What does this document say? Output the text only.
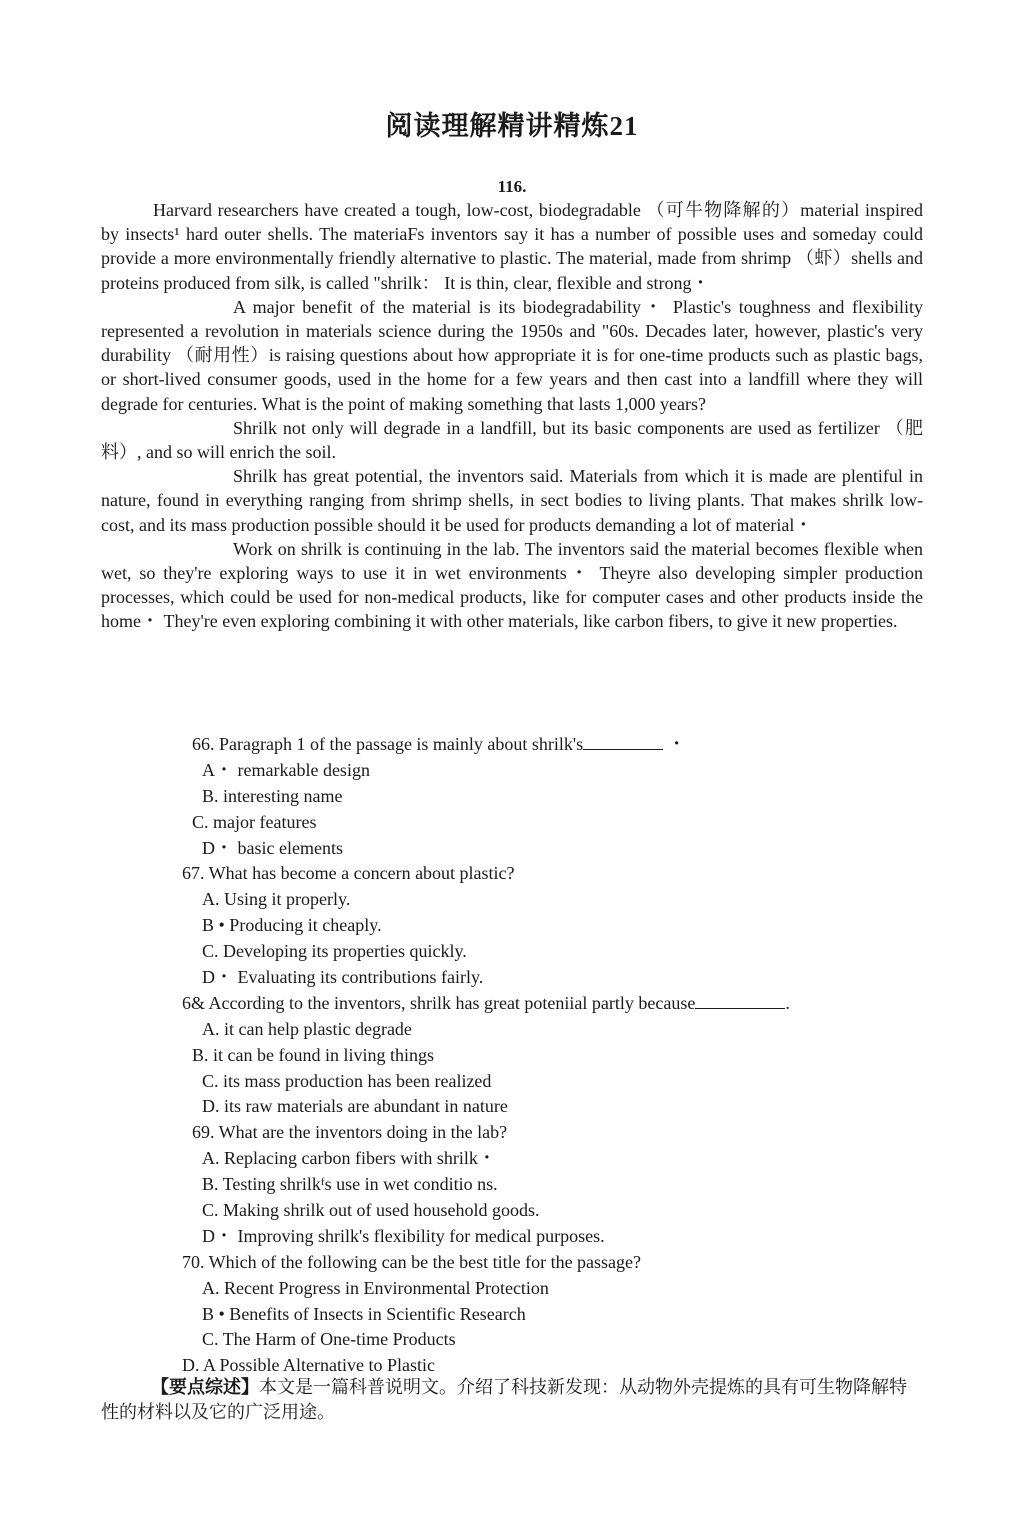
阅读理解精讲精炼21
116.

Harvard researchers have created a tough, low-cost, biodegradable （可牛物降解的）material inspired by insects¹ hard outer shells. The materiaFs inventors say it has a number of possible uses and someday could provide a more environmentally friendly alternative to plastic. The material, made from shrimp （虾）shells and proteins produced from silk, is called "shrilk： It is thin, clear, flexible and strong・

A major benefit of the material is its biodegradability・ Plastic's toughness and flexibility represented a revolution in materials science during the 1950s and "60s. Decades later, however, plastic's very durability （耐用性）is raising questions about how appropriate it is for one-time products such as plastic bags, or short-lived consumer goods, used in the home for a few years and then cast into a landfill where they will degrade for centuries. What is the point of making something that lasts 1,000 years?

Shrilk not only will degrade in a landfill, but its basic components are used as fertilizer （肥料）, and so will enrich the soil.

Shrilk has great potential, the inventors said. Materials from which it is made are plentiful in nature, found in everything ranging from shrimp shells, in sect bodies to living plants. That makes shrilk low-cost, and its mass production possible should it be used for products demanding a lot of material・

Work on shrilk is continuing in the lab. The inventors said the material becomes flexible when wet, so they're exploring ways to use it in wet environments・ Theyre also developing simpler production processes, which could be used for non-medical products, like for computer cases and other products inside the home・ They're even exploring combining it with other materials, like carbon fibers, to give it new properties.

66. Paragraph 1 of the passage is mainly about shrilk's	・
A・ remarkable design
B. interesting name
C. major features
D・ basic elements
67. What has become a concern about plastic?
A. Using it properly.
B • Producing it cheaply.
C. Developing its properties quickly.
D・ Evaluating its contributions fairly.
6& According to the inventors, shrilk has great poteniial partly because	.
A. it can help plastic degrade
B. it can be found in living things
C. its mass production has been realized
D. its raw materials are abundant in nature
69. What are the inventors doing in the lab?
A. Replacing carbon fibers with shrilk・
B. Testing shrilkᶠs use in wet conditio ns.
C. Making shrilk out of used household goods.
D・ Improving shrilk's flexibility for medical purposes.
70. Which of the following can be the best title for the passage?
A. Recent Progress in Environmental Protection
B • Benefits of Insects in Scientific Research
C. The Harm of One-time Products
D. A Possible Alternative to Plastic
【要点综述】本文是一篇科普说明文。介绍了科技新发现：从动物外壳提炼的具有可生物降解特性的材料以及它的广泛用途。
